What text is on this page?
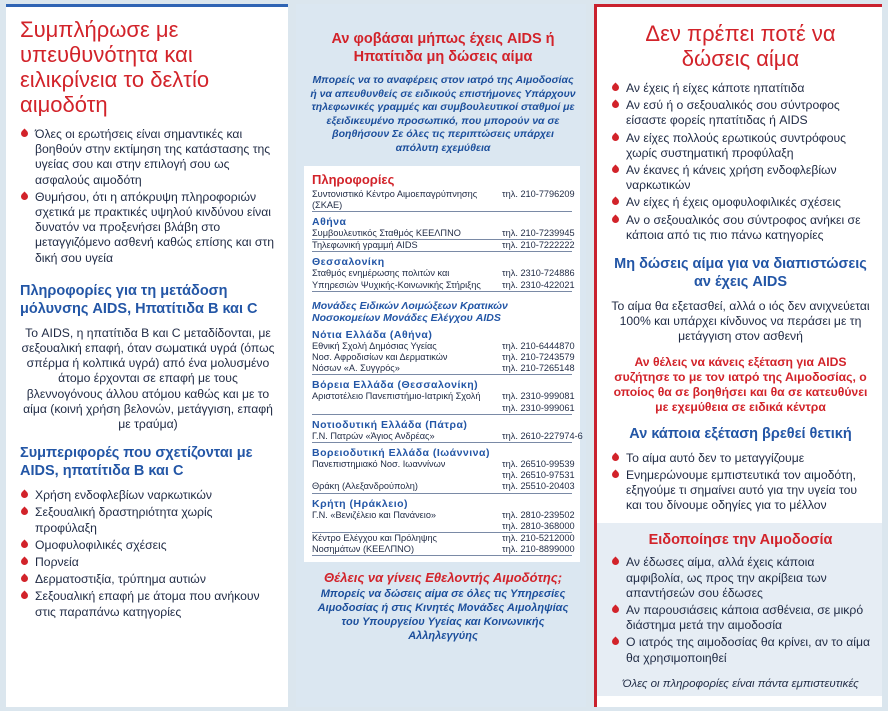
Συμπλήρωσε με υπευθυνότητα και ειλικρίνεια το δελτίο αιμοδότη
Όλες οι ερωτήσεις είναι σημαντικές και βοηθούν στην εκτίμηση της κατάστασης της υγείας σου και στην επιλογή σου ως ασφαλούς αιμοδότη
Θυμήσου, ότι η απόκρυψη πληροφοριών σχετικά με πρακτικές υψηλού κινδύνου είναι δυνατόν να προξενήσει βλάβη στο μεταγγιζόμενο ασθενή καθώς επίσης και στη δική σου υγεία
Πληροφορίες για τη μετάδοση μόλυνσης AIDS, Ηπατίτιδα Β και C

Το AIDS, η ηπατίτιδα Β και C μεταδίδονται, με σεξουαλική επαφή, όταν σωματικά υγρά (όπως σπέρμα ή κολπικά υγρά) από ένα μολυσμένο άτομο έρχονται σε επαφή με τους βλεννογόνους άλλου ατόμου καθώς και με το αίμα (κοινή χρήση βελονών, μετάγγιση, επαφή με τραύμα)

Συμπεριφορές που σχετίζονται με AIDS, ηπατίτιδα Β και C
Χρήση ενδοφλεβίων ναρκωτικών
Σεξουαλική δραστηριότητα χωρίς προφύλαξη
Ομοφυλοφιλικές σχέσεις
Πορνεία
Δερματοστιξία, τρύπημα αυτιών
Σεξουαλική επαφή με άτομα που ανήκουν στις παραπάνω κατηγορίες
Αν φοβάσαι μήπως έχεις AIDS ή Ηπατίτιδα μη δώσεις αίμα

Μπορείς να το αναφέρεις στον ιατρό της Αιμοδοσίας ή να απευθυνθείς σε ειδικούς επιστήμονες Υπάρχουν τηλεφωνικές γραμμές και συμβουλευτικοί σταθμοί με εξειδικευμένο προσωπικό, που μπορούν να σε βοηθήσουν Σε όλες τις περιπτώσεις υπάρχει απόλυτη εχεμύθεια

Πληροφορίες
Συντονιστικό Κέντρο Αιμοεπαγρύπνησης (ΣΚΑΕ)
τηλ. 210-7796209
Αθήνα
Συμβουλευτικός Σταθμός ΚΕΕΛΠΝΟ	τηλ. 210-7239945
Τηλεφωνική γραμμή AIDS	τηλ. 210-7222222
Θεσσαλονίκη
Σταθμός ενημέρωσης πολιτών και	τηλ. 2310-724886
Υπηρεσιών Ψυχικής-Κοινωνικής Στήριξης	τηλ. 2310-422021
Μονάδες Ειδικών Λοιμώξεων Κρατικών Νοσοκομείων Μονάδες Ελέγχου AIDS
Νότια Ελλάδα (Αθήνα)
Εθνική Σχολή Δημόσιας Υγείας	τηλ. 210-6444870
Νοσ. Αφροδισίων και Δερματικών	τηλ. 210-7243579
Νόσων «Α. Συγγρός»	τηλ. 210-7265148
Βόρεια Ελλάδα (Θεσσαλονίκη)
Αριστοτέλειο Πανεπιστήμιο-Ιατρική Σχολή	τηλ. 2310-999081
τηλ. 2310-999061
Νοτιοδυτική Ελλάδα (Πάτρα)
Γ.Ν. Πατρών «Άγιος Ανδρέας»	τηλ. 2610-227974-6
Βορειοδυτική Ελλάδα (Ιωάννινα)
Πανεπιστημιακό Νοσ. Ιωαννίνων	τηλ. 26510-99539
τηλ. 26510-97531
Θράκη (Αλεξανδρούπολη)	τηλ. 25510-20403
Κρήτη (Ηράκλειο)
Γ.Ν. «Βενιζέλειο και Πανάνειο»	τηλ. 2810-239502
τηλ. 2810-368000
Κέντρο Ελέγχου και Πρόληψης	τηλ. 210-5212000
Νοσημάτων (ΚΕΕΛΠΝΟ)	τηλ. 210-8899000
Θέλεις να γίνεις Εθελοντής Αιμοδότης;

Μπορείς να δώσεις αίμα σε όλες τις Υπηρεσίες Αιμοδοσίας ή στις Κινητές Μονάδες Αιμοληψίας του Υπουργείου Υγείας και Κοινωνικής Αλληλεγγύης

Δεν πρέπει ποτέ να δώσεις αίμα
Αν έχεις ή είχες κάποτε ηπατίτιδα
Αν εσύ ή ο σεξουαλικός σου σύντροφος είσαστε φορείς ηπατίτιδας ή AIDS
Αν είχες πολλούς ερωτικούς συντρόφους χωρίς συστηματική προφύλαξη
Αν έκανες ή κάνεις χρήση ενδοφλεβίων ναρκωτικών
Αν είχες ή έχεις ομοφυλοφιλικές σχέσεις
Αν ο σεξουαλικός σου σύντροφος ανήκει σε κάποια από τις πιο πάνω κατηγορίες
Μη δώσεις αίμα για να διαπιστώσεις αν έχεις AIDS

Το αίμα θα εξετασθεί, αλλά ο ιός δεν ανιχνεύεται 100% και υπάρχει κίνδυνος να περάσει με τη μετάγγιση στον ασθενή

Αν θέλεις να κάνεις εξέταση για AIDS συζήτησε το με τον ιατρό της Αιμοδοσίας, ο οποίος θα σε βοηθήσει και θα σε κατευθύνει με εχεμύθεια σε ειδικά κέντρα
Αν κάποια εξέταση βρεθεί θετική
Το αίμα αυτό δεν το μεταγγίζουμε
Ενημερώνουμε εμπιστευτικά τον αιμοδότη, εξηγούμε τι σημαίνει αυτό για την υγεία του και του δίνουμε οδηγίες για το μέλλον
Ειδοποίησε την Αιμοδοσία
Αν έδωσες αίμα, αλλά έχεις κάποια αμφιβολία, ως προς την ακρίβεια των απαντήσεών σου έδωσες
Αν παρουσιάσεις κάποια ασθένεια, σε μικρό διάστημα μετά την αιμοδοσία
Ο ιατρός της αιμοδοσίας θα κρίνει, αν το αίμα θα χρησιμοποιηθεί
Όλες οι πληροφορίες είναι πάντα εμπιστευτικές
